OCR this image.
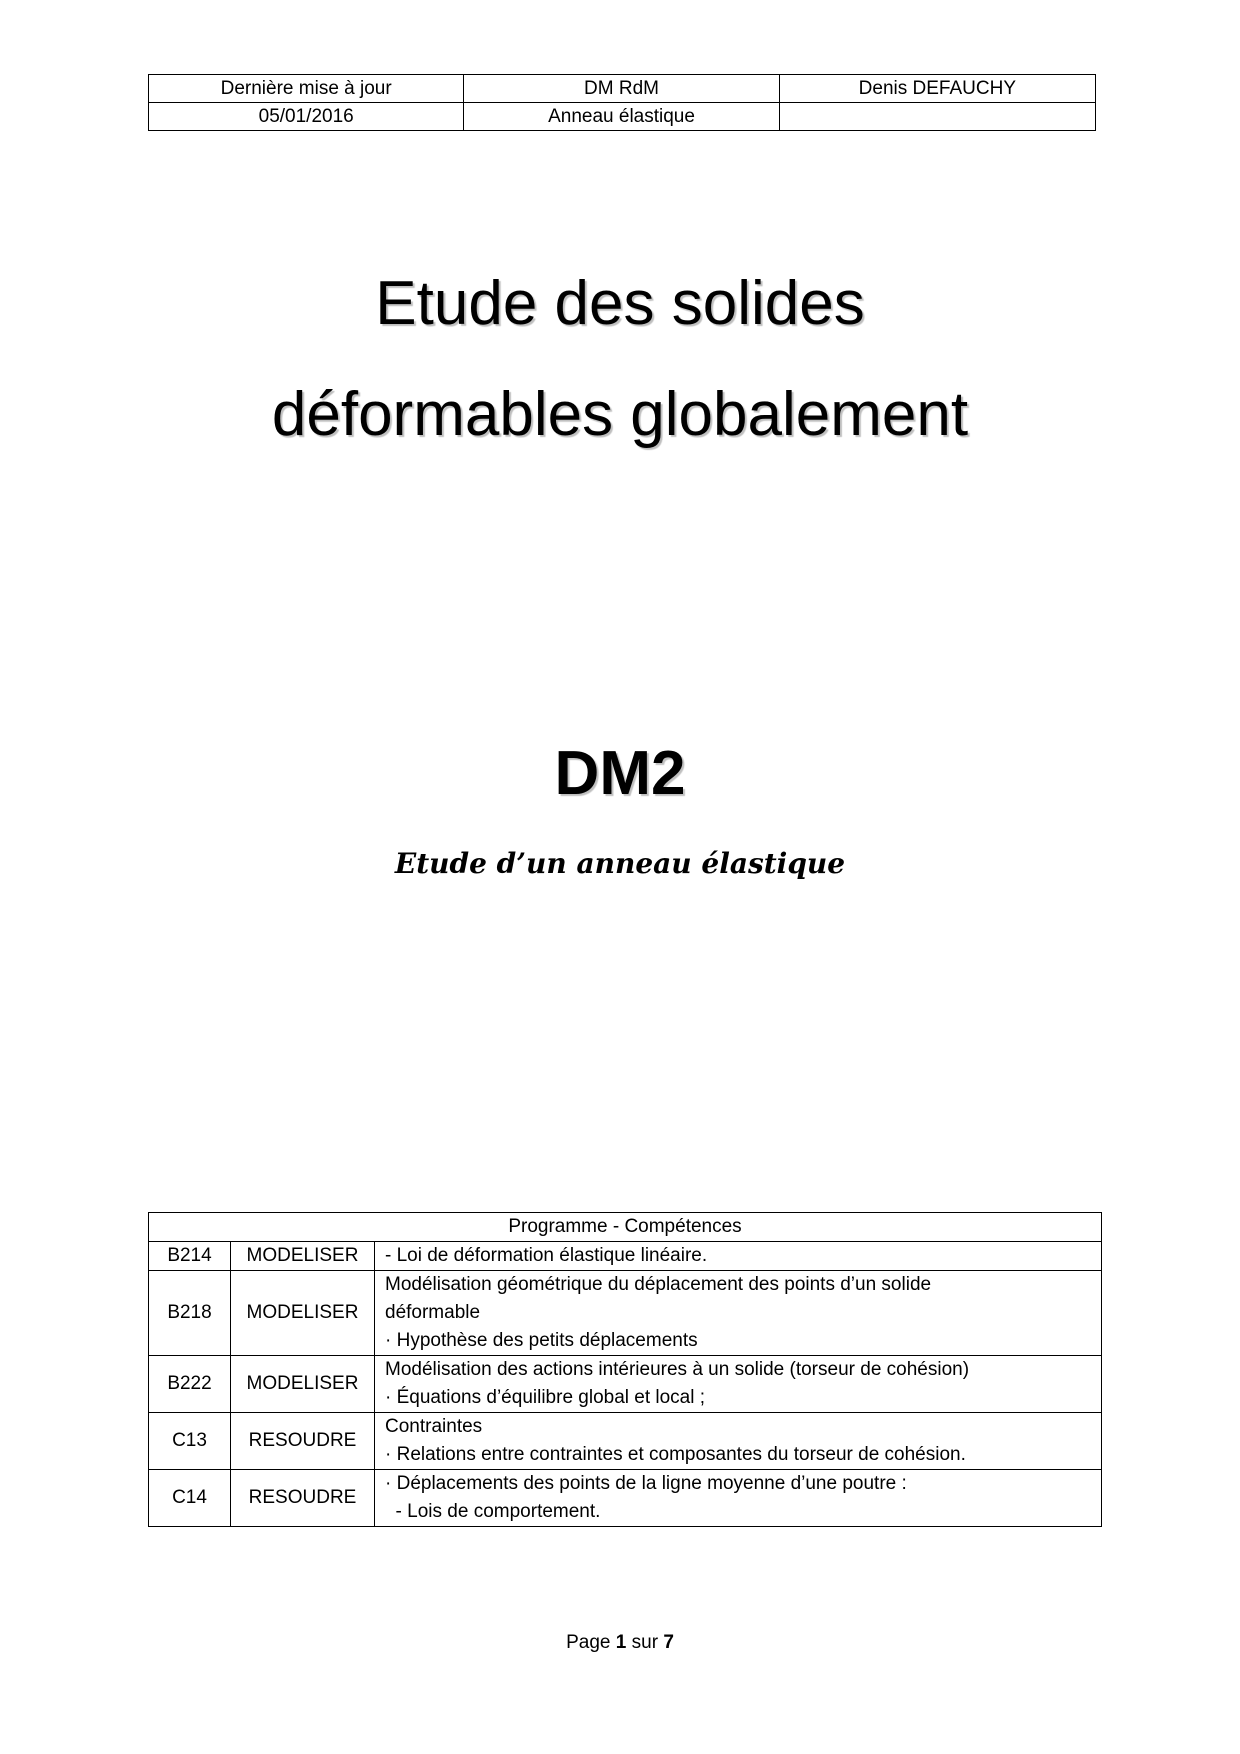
Dernière mise à jour	DM RdM	Denis DEFAUCHY
05/01/2016	Anneau élastique	
Etude des solides
déformables globalement
DM2
Etude d’un anneau élastique
Programme - Compétences		
B214	MODELISER	- Loi de déformation élastique linéaire.

B218	MODELISER	Modélisation géométrique du déplacement des points d’un solide
déformable
· Hypothèse des petits déplacements

B222	MODELISER	Modélisation des actions intérieures à un solide (torseur de cohésion)
· Équations d’équilibre global et local ;

C13	RESOUDRE	Contraintes
· Relations entre contraintes et composantes du torseur de cohésion.

C14	RESOUDRE	· Déplacements des points de la ligne moyenne d’une poutre :
- Lois de comportement.
Page 1 sur 7
